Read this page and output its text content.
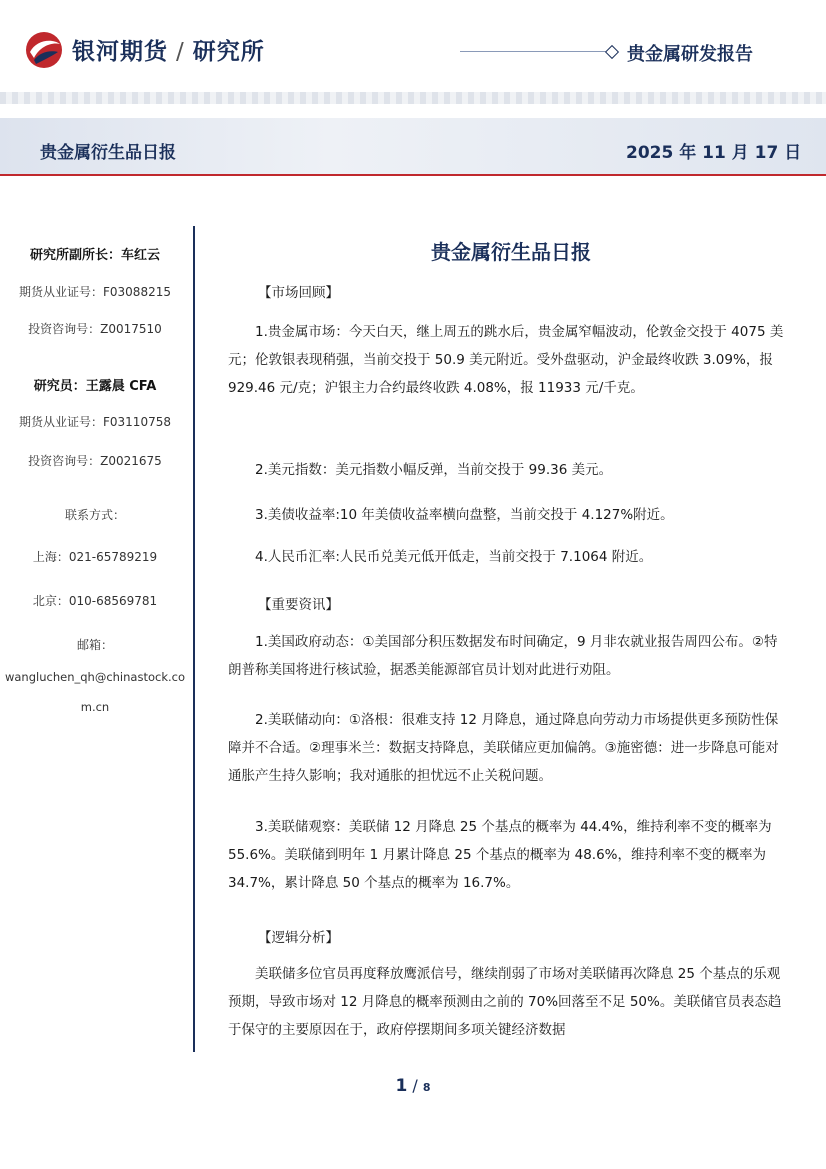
银河期货 / 研究所	贵金属研发报告
贵金属衍生品日报	2025 年 11 月 17 日
研究所副所长：车红云
期货从业证号：F03088215
投资咨询号：Z0017510
研究员：王露晨 CFA
期货从业证号：F03110758
投资咨询号：Z0021675
联系方式：
上海：021-65789219
北京：010-68569781
邮箱：
wangluchen_qh@chinastock.co
m.cn
贵金属衍生品日报
【市场回顾】
1.贵金属市场：今天白天，继上周五的跳水后，贵金属窄幅波动，伦敦金交投于 4075 美元；伦敦银表现稍强，当前交投于 50.9 美元附近。受外盘驱动，沪金最终收跌 3.09%，报 929.46 元/克；沪银主力合约最终收跌 4.08%，报 11933 元/千克。
2.美元指数：美元指数小幅反弹，当前交投于 99.36 美元。
3.美债收益率:10 年美债收益率横向盘整，当前交投于 4.127%附近。
4.人民币汇率:人民币兑美元低开低走，当前交投于 7.1064 附近。
【重要资讯】
1.美国政府动态：①美国部分积压数据发布时间确定，9 月非农就业报告周四公布。②特朗普称美国将进行核试验，据悉美能源部官员计划对此进行劝阻。
2.美联储动向：①洛根：很难支持 12 月降息，通过降息向劳动力市场提供更多预防性保障并不合适。②理事米兰：数据支持降息，美联储应更加偏鸽。③施密德：进一步降息可能对通胀产生持久影响；我对通胀的担忧远不止关税问题。
3.美联储观察：美联储 12 月降息 25 个基点的概率为 44.4%，维持利率不变的概率为 55.6%。美联储到明年 1 月累计降息 25 个基点的概率为 48.6%，维持利率不变的概率为 34.7%，累计降息 50 个基点的概率为 16.7%。
【逻辑分析】
美联储多位官员再度释放鹰派信号，继续削弱了市场对美联储再次降息 25 个基点的乐观预期，导致市场对 12 月降息的概率预测由之前的 70%回落至不足 50%。美联储官员表态趋于保守的主要原因在于，政府停摆期间多项关键经济数据
1 / 8
